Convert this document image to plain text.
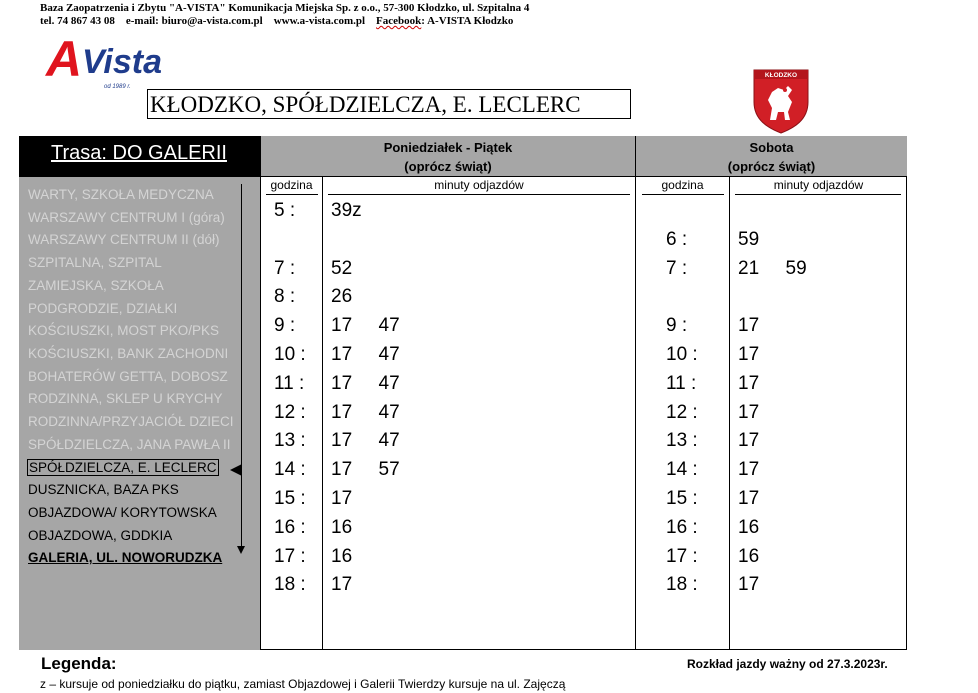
Baza Zaopatrzenia i Zbytu "A-VISTA" Komunikacja Miejska Sp. z o.o., 57-300 Kłodzko, ul. Szpitalna 4
tel. 74 867 43 08 e-mail: biuro@a-vista.com.pl www.a-vista.com.pl Facebook: A-VISTA Kłodzko
A Vista
od 1989 r.
KŁODZKO, SPÓŁDZIELCZA, E. LECLERC
KŁODZKO
Trasa: DO GALERII	Poniedziałek - Piątek
(oprócz świąt)
Sobota
(oprócz świąt)
godzina	minuty odjazdów	godzina	minuty odjazdów
WARTY, SZKOŁA MEDYCZNA
WARSZAWY CENTRUM I (góra)
WARSZAWY CENTRUM II (dół)
SZPITALNA, SZPITAL
ZAMIEJSKA, SZKOŁA
PODGRODZIE, DZIAŁKI
KOŚCIUSZKI, MOST PKO/PKS
KOŚCIUSZKI, BANK ZACHODNI
BOHATERÓW GETTA, DOBOSZ
RODZINNA, SKLEP U KRYCHY
RODZINNA/PRZYJACIÓŁ DZIECI
SPÓŁDZIELCZA, JANA PAWŁA II
SPÓŁDZIELCZA, E. LECLERC
DUSZNICKA, BAZA PKS
OBJAZDOWA/ KORYTOWSKA
OBJAZDOWA, GDDKIA
GALERIA, UL. NOWORUDZKA
5 :	39z
7 :	52
8 :	26
9 :	17     47
10 :	17     47
11 :	17     47
12 :	17     47
13 :	17     47
14 :	17     57
15 :	17
16 :	16
17 :	16
18 :	17
6 :	59
7 :	21     59
9 :	17
10 :	17
11 :	17
12 :	17
13 :	17
14 :	17
15 :	17
16 :	16
17 :	16
18 :	17
Legenda:	Rozkład jazdy ważny od 27.3.2023r.
z – kursuje od poniedziałku do piątku, zamiast Objazdowej i Galerii Twierdzy kursuje na ul. Zajęczą
